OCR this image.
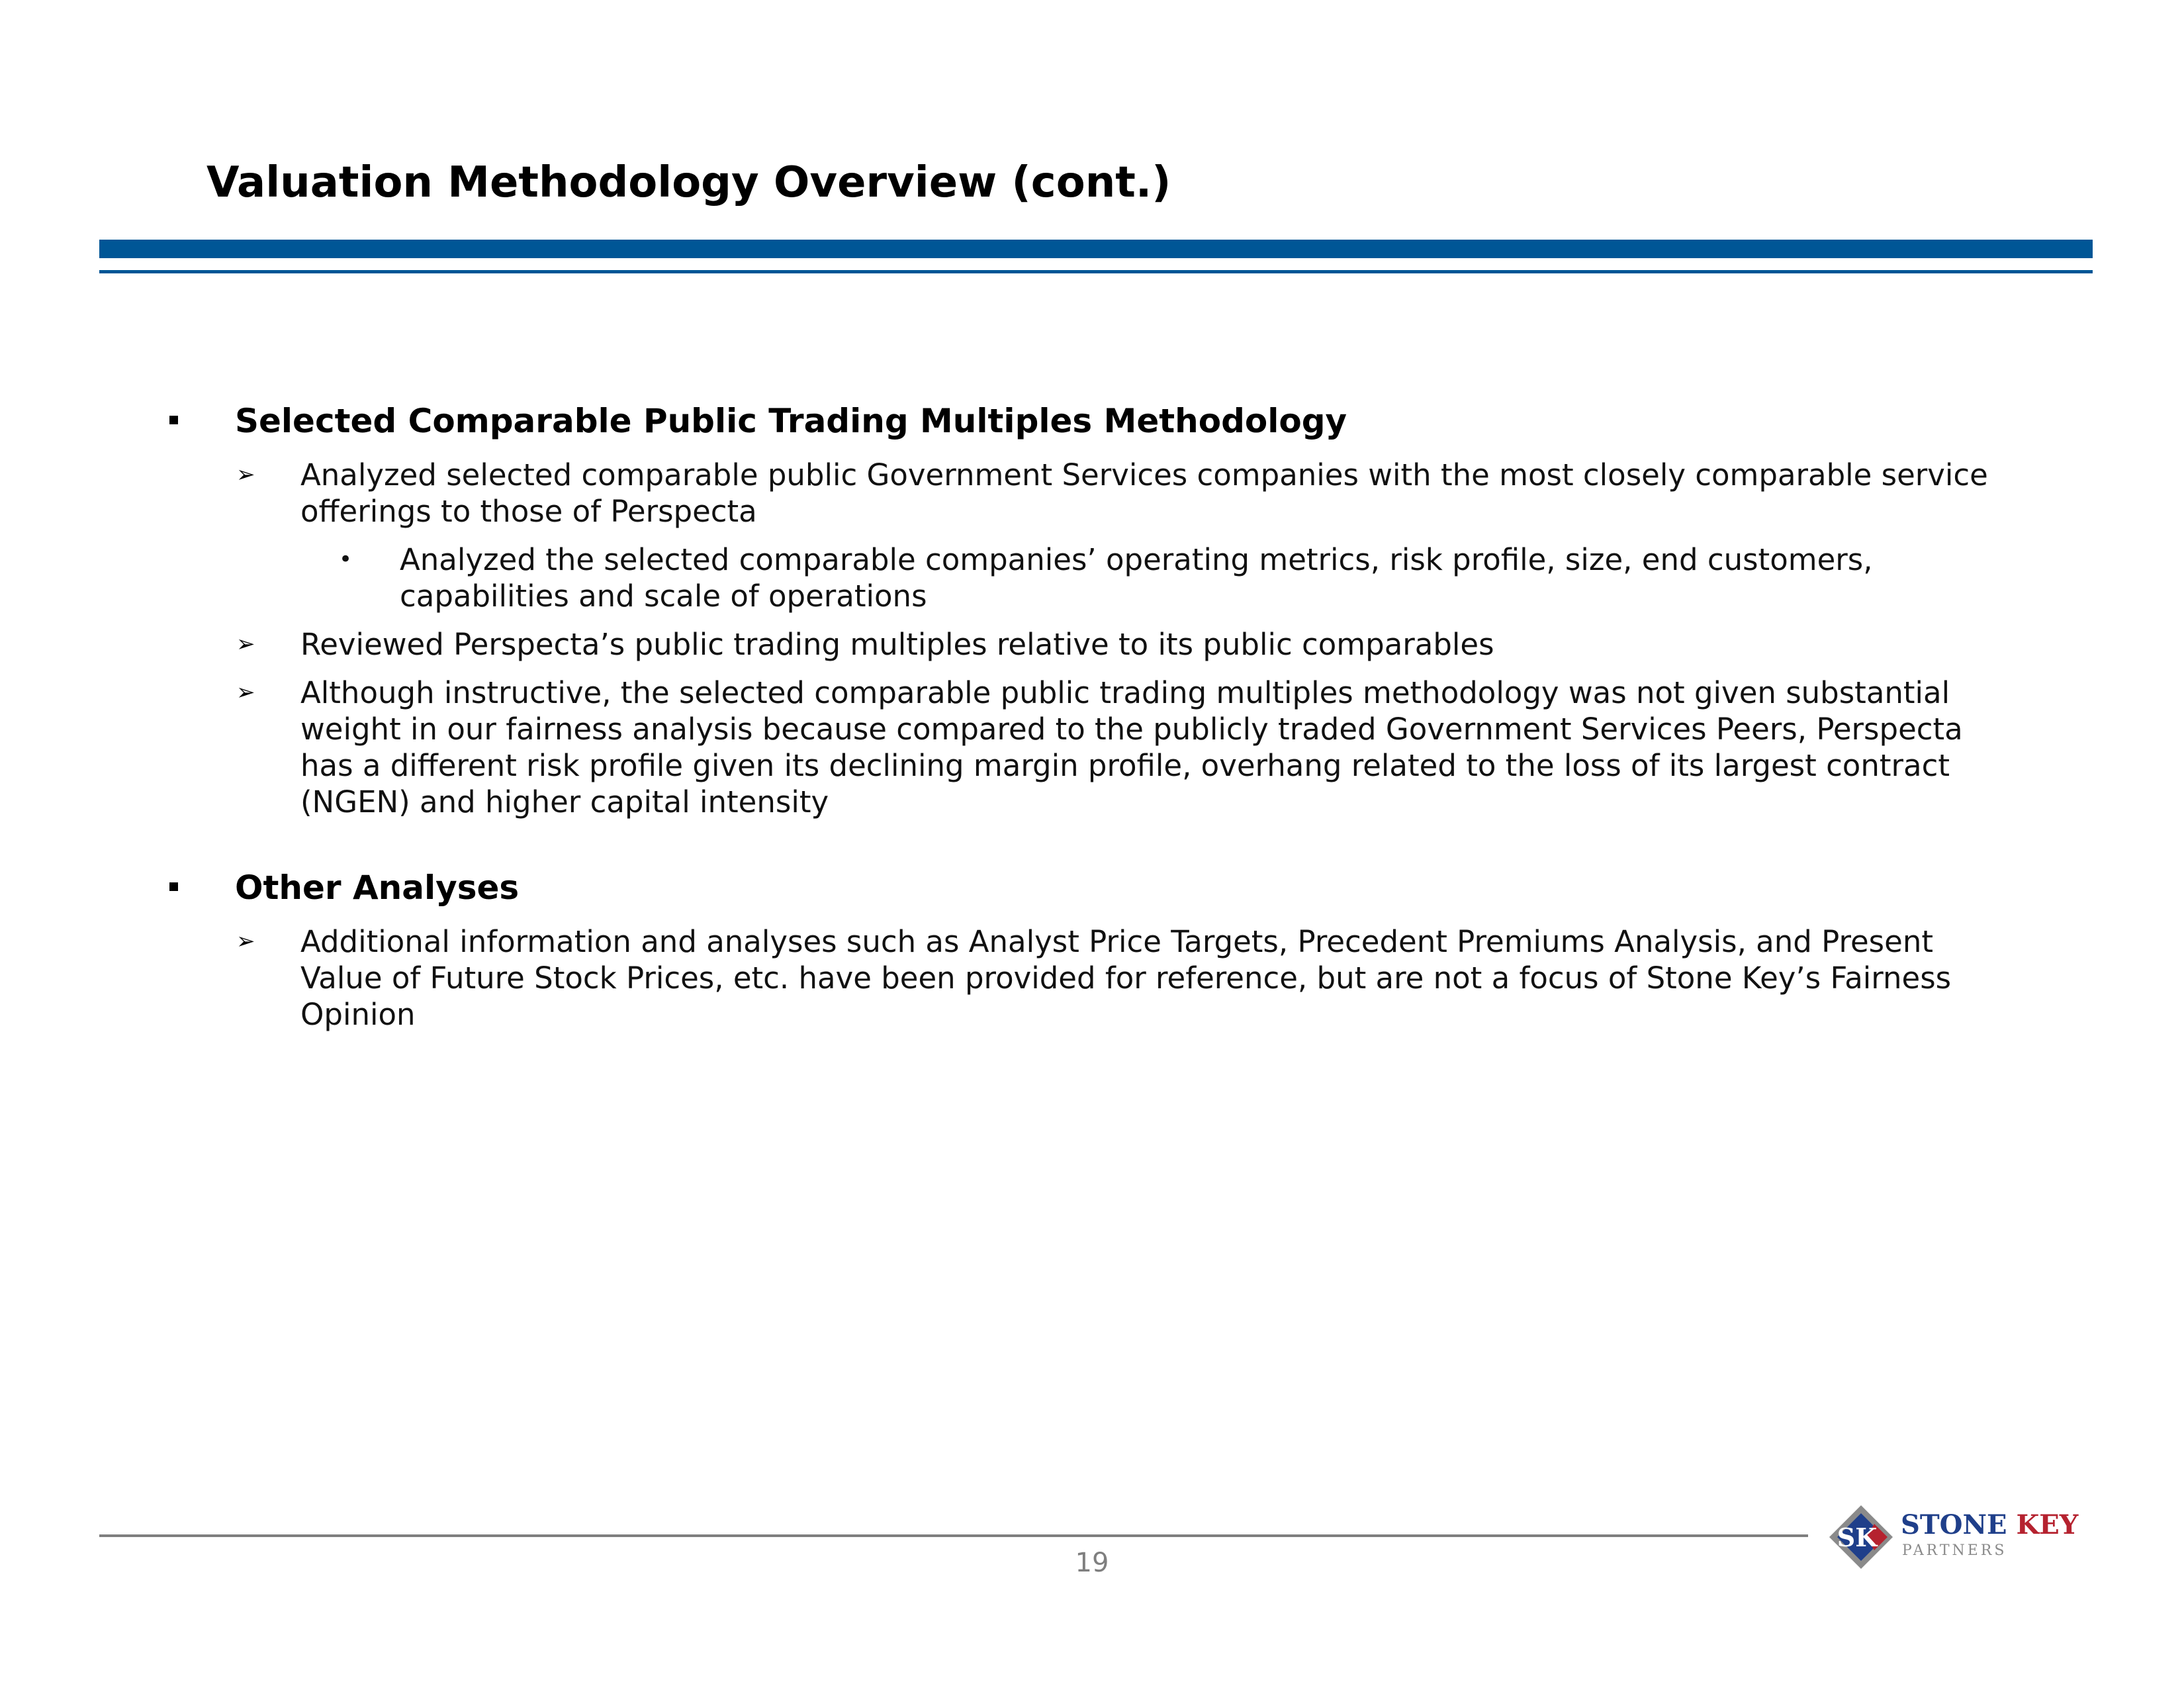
Valuation Methodology Overview (cont.)
Selected Comparable Public Trading Multiples Methodology
➢ Analyzed selected comparable public Government Services companies with the most closely comparable service offerings to those of Perspecta
• Analyzed the selected comparable companies’ operating metrics, risk profile, size, end customers, capabilities and scale of operations
➢ Reviewed Perspecta’s public trading multiples relative to its public comparables
➢ Although instructive, the selected comparable public trading multiples methodology was not given substantial weight in our fairness analysis because compared to the publicly traded Government Services Peers, Perspecta has a different risk profile given its declining margin profile, overhang related to the loss of its largest contract (NGEN) and higher capital intensity
Other Analyses
➢ Additional information and analyses such as Analyst Price Targets, Precedent Premiums Analysis, and Present Value of Future Stock Prices, etc. have been provided for reference, but are not a focus of Stone Key’s Fairness Opinion
19
SK STONE KEY
PARTNERS
